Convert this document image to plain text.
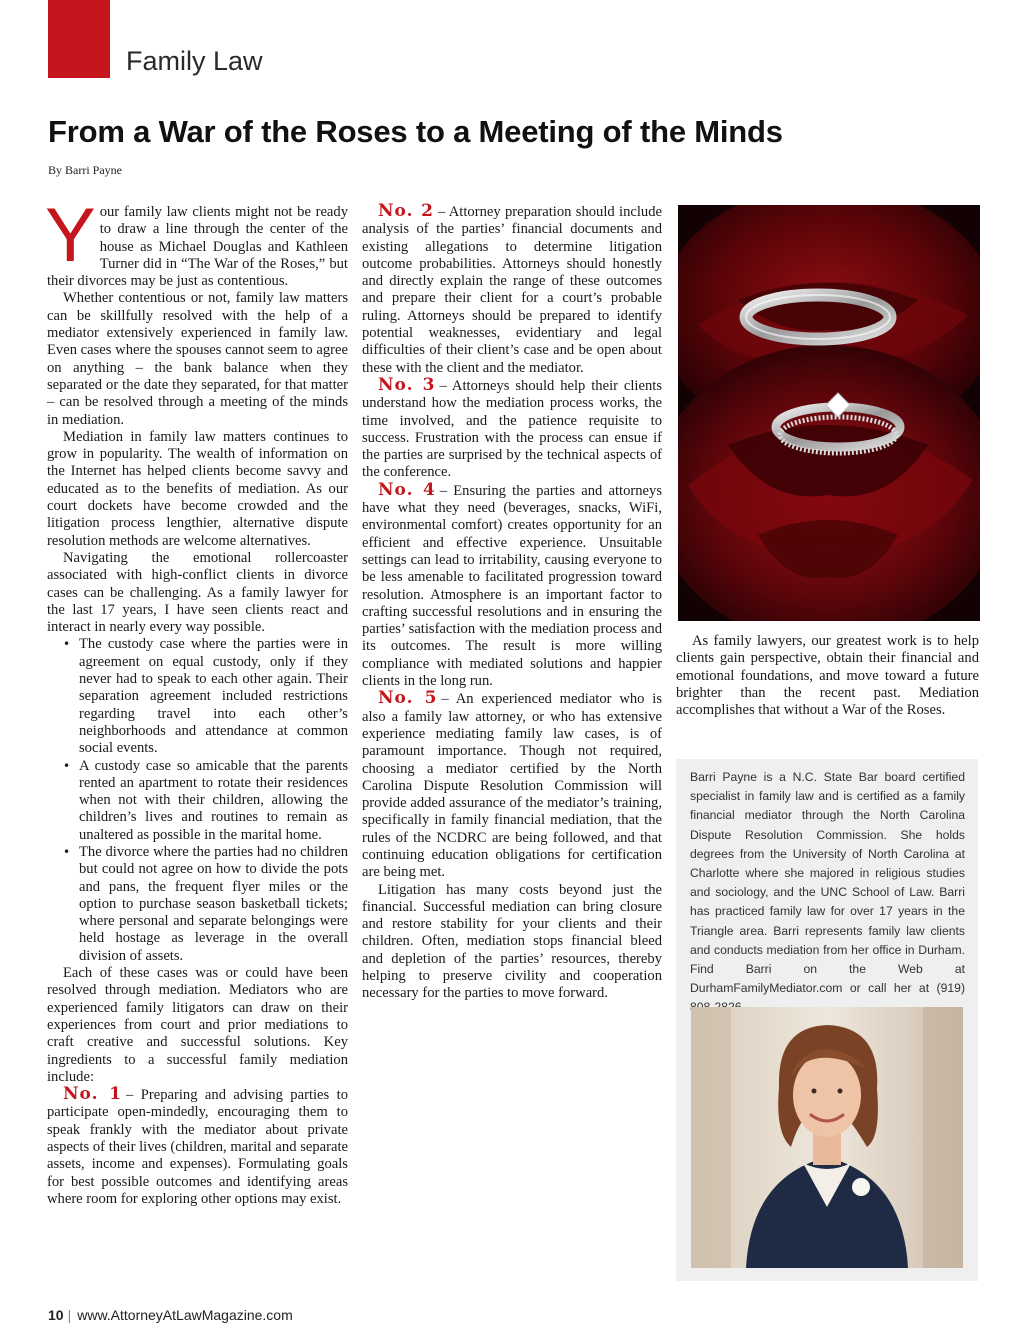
Family Law
From a War of the Roses to a Meeting of the Minds
By Barri Payne

Your family law clients might not be ready to draw a line through the center of the house as Michael Douglas and Kathleen Turner did in “The War of the Roses,” but their divorces may be just as contentious.

Whether contentious or not, family law matters can be skillfully resolved with the help of a mediator extensively experienced in family law. Even cases where the spouses cannot seem to agree on anything – the bank balance when they separated or the date they separated, for that matter – can be resolved through a meeting of the minds in mediation.

Mediation in family law matters continues to grow in popularity. The wealth of information on the Internet has helped clients become savvy and educated as to the benefits of mediation. As our court dockets have become crowded and the litigation process lengthier, alternative dispute resolution methods are welcome alternatives.

Navigating the emotional rollercoaster associated with high-conflict clients in divorce cases can be challenging. As a family lawyer for the last 17 years, I have seen clients react and interact in nearly every way possible.

• The custody case where the parties were in agreement on equal custody, only if they never had to speak to each other again. Their separation agreement included restrictions regarding travel into each other’s neighborhoods and attendance at common social events.
• A custody case so amicable that the parents rented an apartment to rotate their residences when not with their children, allowing the children’s lives and routines to remain as unaltered as possible in the marital home.
• The divorce where the parties had no children but could not agree on how to divide the pots and pans, the frequent flyer miles or the option to purchase season basketball tickets; where personal and separate belongings were held hostage as leverage in the overall division of assets.

Each of these cases was or could have been resolved through mediation. Mediators who are experienced family litigators can draw on their experiences from court and prior mediations to craft creative and successful solutions. Key ingredients to a successful family mediation include:

No. 1 – Preparing and advising parties to participate open-mindedly, encouraging them to speak frankly with the mediator about private aspects of their lives (children, marital and separate assets, income and expenses). Formulating goals for best possible outcomes and identifying areas where room for exploring other options may exist.

No. 2 – Attorney preparation should include analysis of the parties’ financial documents and existing allegations to determine litigation outcome probabilities. Attorneys should honestly and directly explain the range of these outcomes and prepare their client for a court’s probable ruling. Attorneys should be prepared to identify potential weaknesses, evidentiary and legal difficulties of their client’s case and be open about these with the client and the mediator.

No. 3 – Attorneys should help their clients understand how the mediation process works, the time involved, and the patience requisite to success. Frustration with the process can ensue if the parties are surprised by the technical aspects of the conference.

No. 4 – Ensuring the parties and attorneys have what they need (beverages, snacks, WiFi, environmental comfort) creates opportunity for an efficient and effective experience. Unsuitable settings can lead to irritability, causing everyone to be less amenable to facilitated progression toward resolution. Atmosphere is an important factor to crafting successful resolutions and in ensuring the parties’ satisfaction with the mediation process and its outcomes. The result is more willing compliance with mediated solutions and happier clients in the long run.

No. 5 – An experienced mediator who is also a family law attorney, or who has extensive experience mediating family law cases, is of paramount importance. Though not required, choosing a mediator certified by the North Carolina Dispute Resolution Commission will provide added assurance of the mediator’s training, specifically in family financial mediation, that the rules of the NCDRC are being followed, and that continuing education obligations for certification are being met.

Litigation has many costs beyond just the financial. Successful mediation can bring closure and restore stability for your clients and their children. Often, mediation stops financial bleed and depletion of the parties’ resources, thereby helping to preserve civility and cooperation necessary for the parties to move forward.

As family lawyers, our greatest work is to help clients gain perspective, obtain their financial and emotional foundations, and move toward a future brighter than the recent past. Mediation accomplishes that without a War of the Roses.

Barri Payne is a N.C. State Bar board certified specialist in family law and is certified as a family financial mediator through the North Carolina Dispute Resolution Commission. She holds degrees from the University of North Carolina at Charlotte where she majored in religious studies and sociology, and the UNC School of Law. Barri has practiced family law for over 17 years in the Triangle area. Barri represents family law clients and conducts mediation from her office in Durham. Find Barri on the Web at DurhamFamilyMediator.com or call her at (919)
10 | www.AttorneyAtLawMagazine.com
